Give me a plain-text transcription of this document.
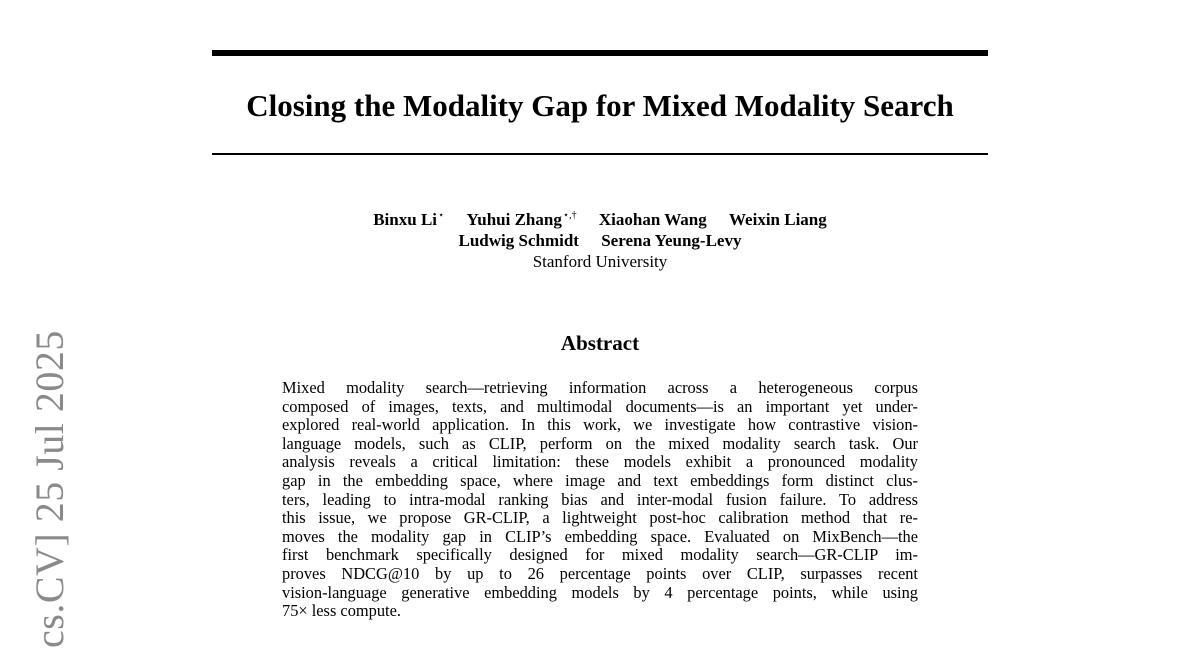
cs.CV] 25 Jul 2025
Closing the Modality Gap for Mixed Modality Search
Binxu Li⋆ Yuhui Zhang⋆,† Xiaohan Wang Weixin Liang
Ludwig Schmidt Serena Yeung-Levy
Stanford University
Abstract
Mixed modality search—retrieving information across a heterogeneous corpus
composed of images, texts, and multimodal documents—is an important yet under-
explored real-world application. In this work, we investigate how contrastive vision-
language models, such as CLIP, perform on the mixed modality search task. Our
analysis reveals a critical limitation: these models exhibit a pronounced modality
gap in the embedding space, where image and text embeddings form distinct clus-
ters, leading to intra-modal ranking bias and inter-modal fusion failure. To address
this issue, we propose GR-CLIP, a lightweight post-hoc calibration method that re-
moves the modality gap in CLIP’s embedding space. Evaluated on MixBench—the
first benchmark specifically designed for mixed modality search—GR-CLIP im-
proves NDCG@10 by up to 26 percentage points over CLIP, surpasses recent
vision-language generative embedding models by 4 percentage points, while using
75× less compute.
